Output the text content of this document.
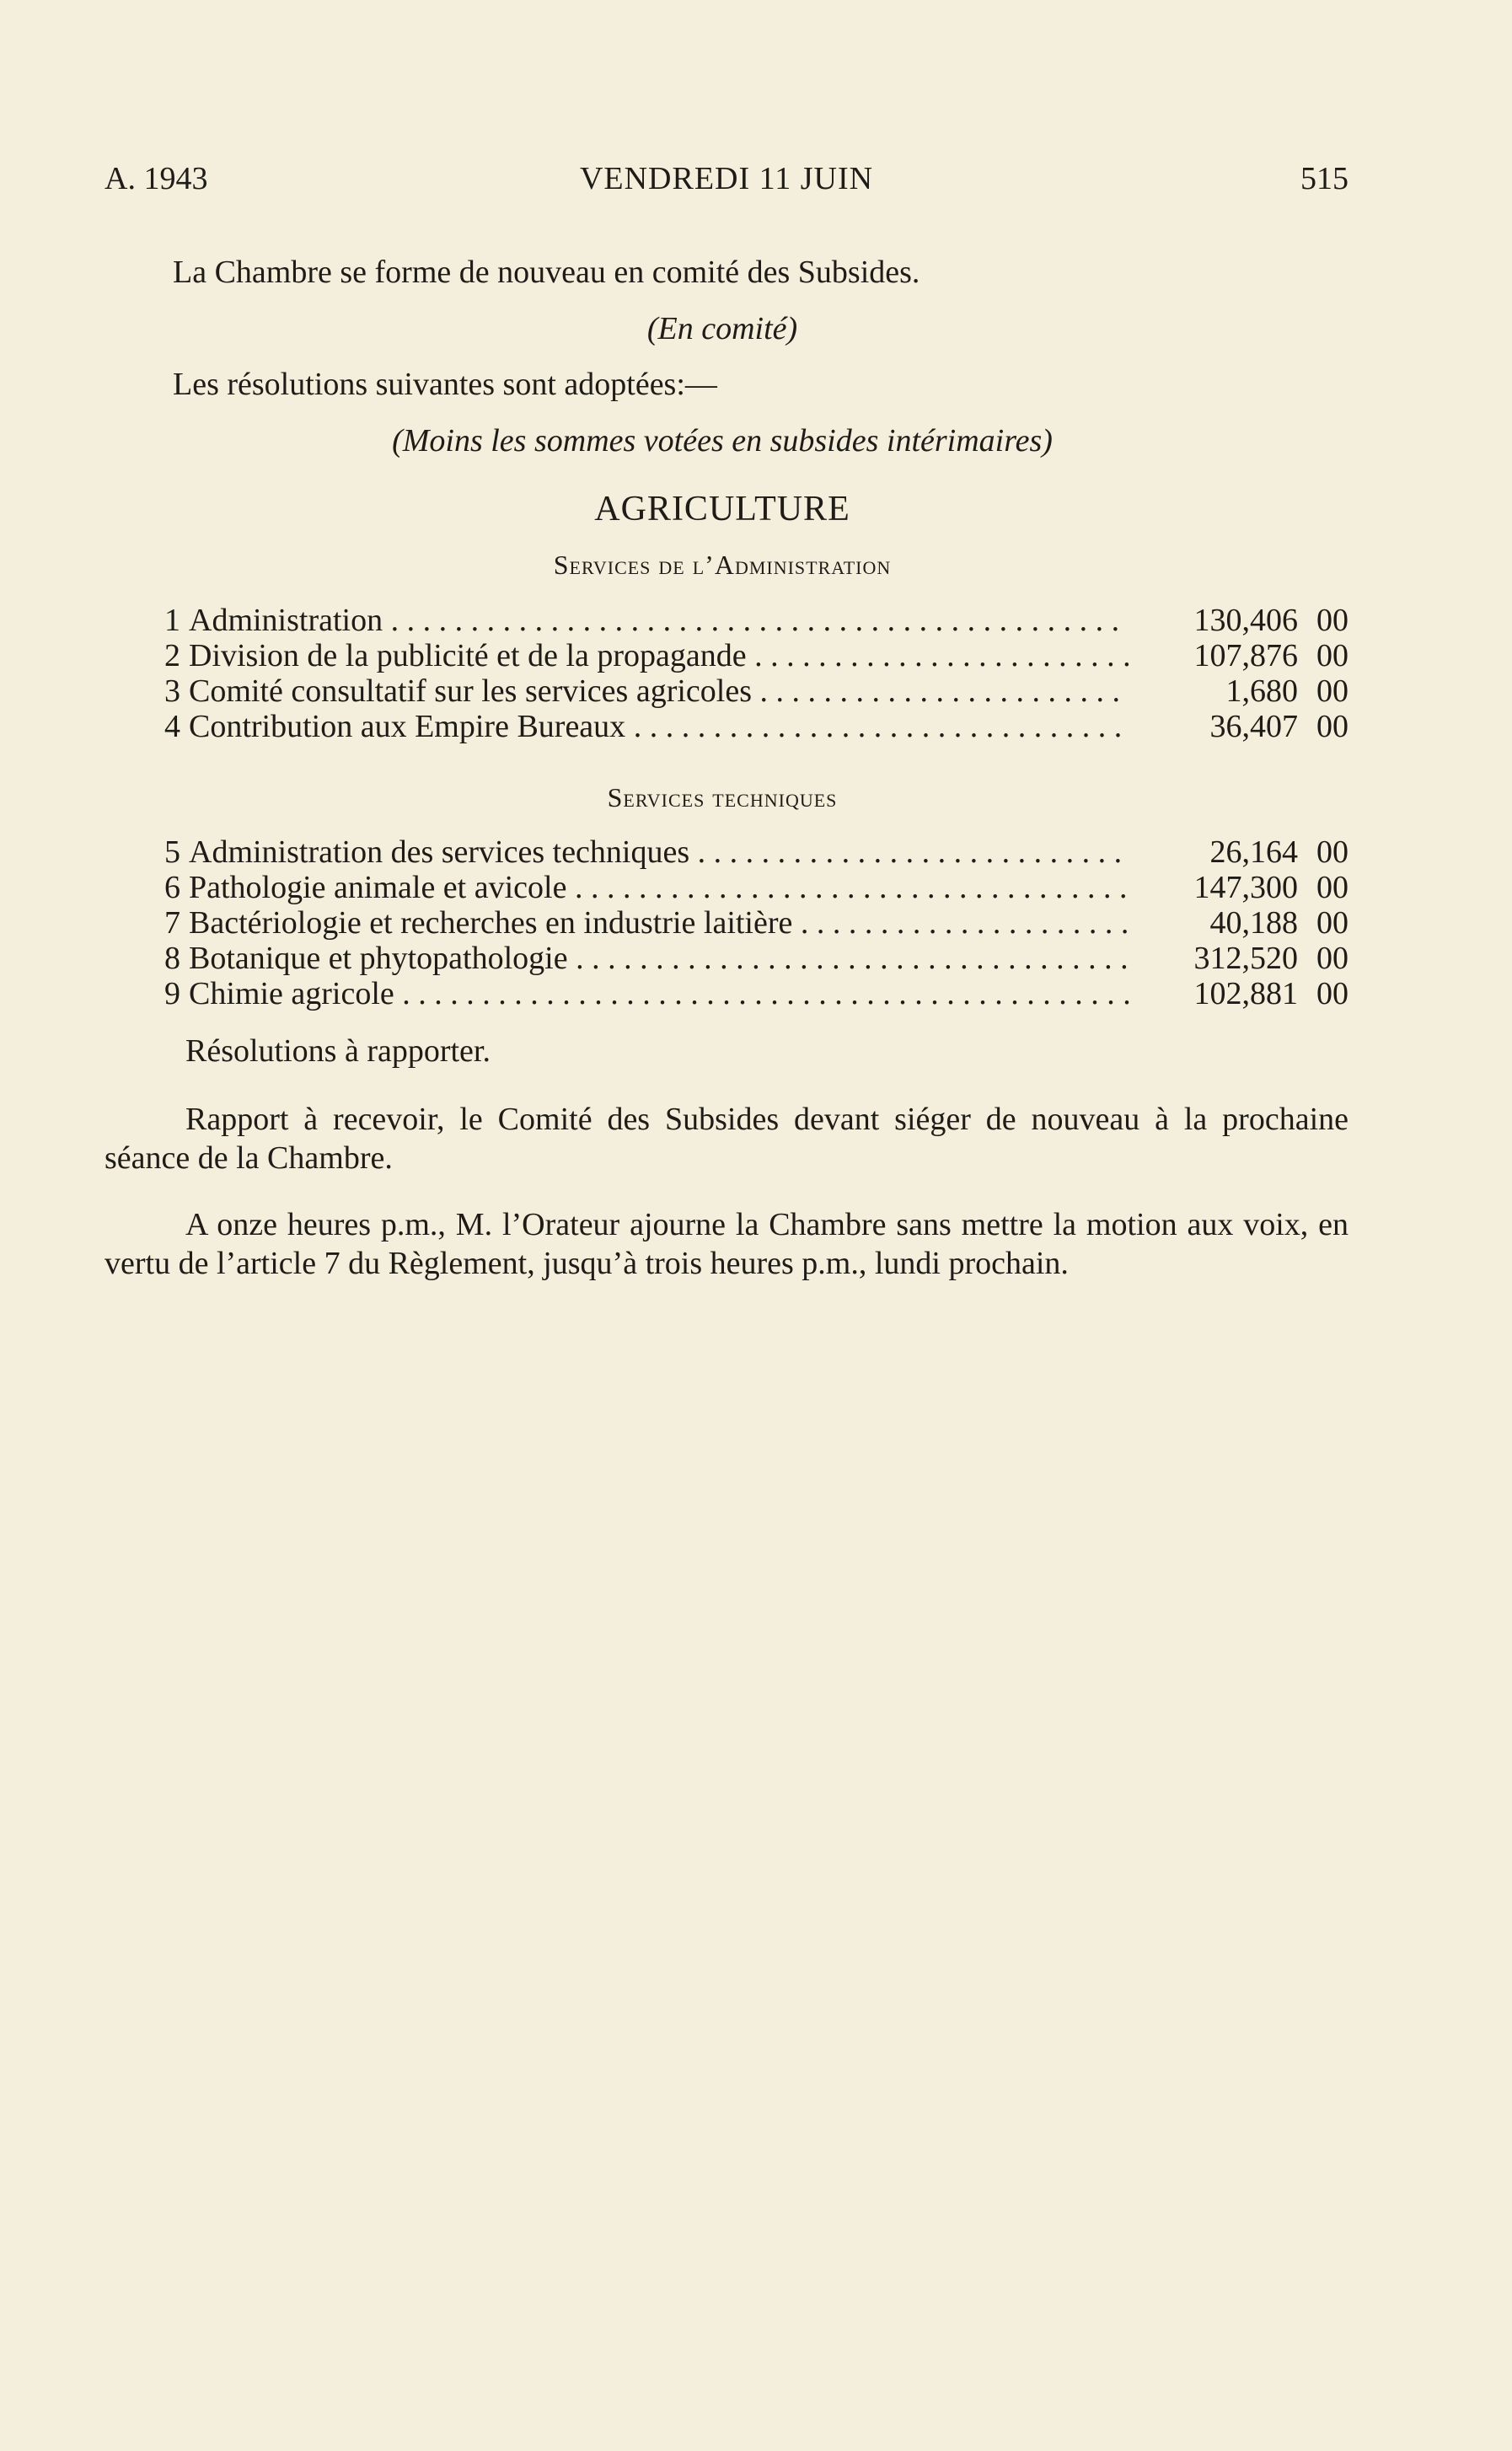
A. 1943	VENDREDI 11 JUIN	515
La Chambre se forme de nouveau en comité des Subsides.
(En comité)
Les résolutions suivantes sont adoptées:—
(Moins les sommes votées en subsides intérimaires)
AGRICULTURE
Services de l’Administration
1 Administration . . .	130,406 00
2 Division de la publicité et de la propagande . . .	107,876 00
3 Comité consultatif sur les services agricoles . . .	1,680 00
4 Contribution aux Empire Bureaux . . .	36,407 00
Services techniques
5 Administration des services techniques . . .	26,164 00
6 Pathologie animale et avicole . . .	147,300 00
7 Bactériologie et recherches en industrie laitière . . .	40,188 00
8 Botanique et phytopathologie . . .	312,520 00
9 Chimie agricole . . .	102,881 00
Résolutions à rapporter.
Rapport à recevoir, le Comité des Subsides devant siéger de nouveau à la prochaine séance de la Chambre.
A onze heures p.m., M. l’Orateur ajourne la Chambre sans mettre la motion aux voix, en vertu de l’article 7 du Règlement, jusqu’à trois heures p.m., lundi prochain.
